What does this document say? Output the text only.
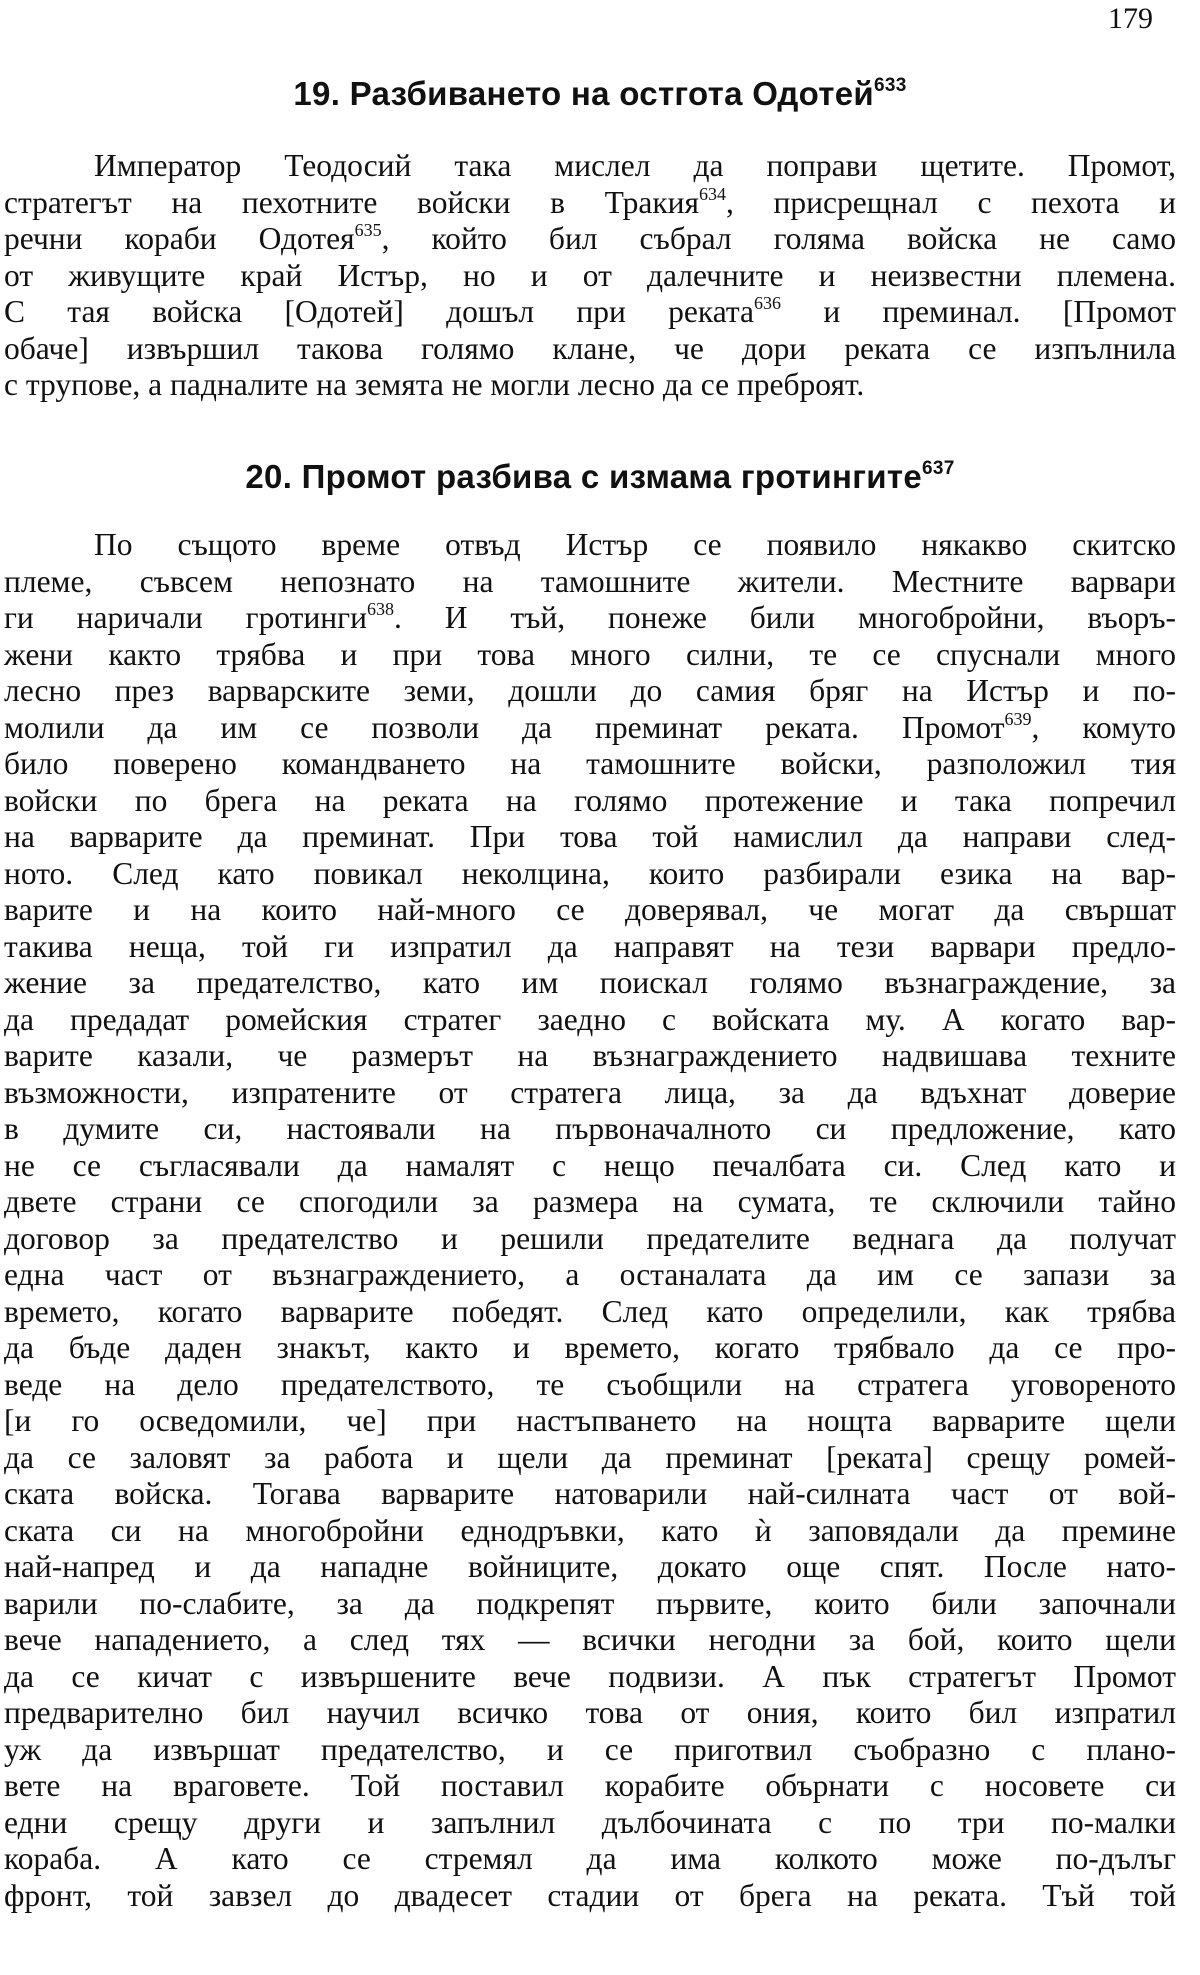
179
19. Разбиването на остгота Одотей$^{633}$
Император Теодосий така мислел да поправи щетите. Промот,
стратегът на пехотните войски в Тракия$^{634}$, присрещнал с пехота и
речни кораби Одотея$^{635}$, който бил събрал голяма войска не само
от живущите край Истър, но и от далечните и неизвестни племена.
С тая войска [Одотей] дошъл при реката$^{636}$ и преминал. [Промот
обаче] извършил такова голямо клане, че дори реката се изпълнила
с трупове, а падналите на земята не могли лесно да се преброят.
20. Промот разбива с измама гротингите$^{637}$
По същото време отвъд Истър се появило някакво скитско
племе, съвсем непознато на тамошните жители. Местните варвари
ги наричали гротинги$^{638}$. И тъй, понеже били многобройни, въоръ-
жени както трябва и при това много силни, те се спуснали много
лесно през варварските земи, дошли до самия бряг на Истър и по-
молили да им се позволи да преминат реката. Промот$^{639}$, комуто
било поверено командването на тамошните войски, разположил тия
войски по брега на реката на голямо протежение и така попречил
на варварите да преминат. При това той намислил да направи след-
ното. След като повикал неколцина, които разбирали езика на вар-
варите и на които най-много се доверявал, че могат да свършат
такива неща, той ги изпратил да направят на тези варвари предло-
жение за предателство, като им поискал голямо възнаграждение, за
да предадат ромейския стратег заедно с войската му. А когато вар-
варите казали, че размерът на възнаграждението надвишава техните
възможности, изпратените от стратега лица, за да вдъхнат доверие
в думите си, настоявали на първоначалното си предложение, като
не се съгласявали да намалят с нещо печалбата си. След като и
двете страни се спогодили за размера на сумата, те сключили тайно
договор за предателство и решили предателите веднага да получат
една част от възнаграждението, а останалата да им се запази за
времето, когато варварите победят. След като определили, как трябва
да бъде даден знакът, както и времето, когато трябвало да се про-
веде на дело предателството, те съобщили на стратега уговореното
[и го осведомили, че] при настъпването на нощта варварите щели
да се заловят за работа и щели да преминат [реката] срещу ромей-
ската войска. Тогава варварите натоварили най-силната част от вой-
ската си на многобройни еднодръвки, като ѝ заповядали да премине
най-напред и да нападне войниците, докато още спят. После нато-
варили по-слабите, за да подкрепят първите, които били започнали
вече нападението, а след тях — всички негодни за бой, които щели
да се кичат с извършените вече подвизи. А пък стратегът Промот
предварително бил научил всичко това от ония, които бил изпратил
уж да извършат предателство, и се приготвил съобразно с плано-
вете на враговете. Той поставил корабите обърнати с носовете си
едни срещу други и запълнил дълбочината с по три по-малки
кораба. А като се стремял да има колкото може по-дълъг
фронт, той завзел до двадесет стадии от брега на реката. Тъй той
